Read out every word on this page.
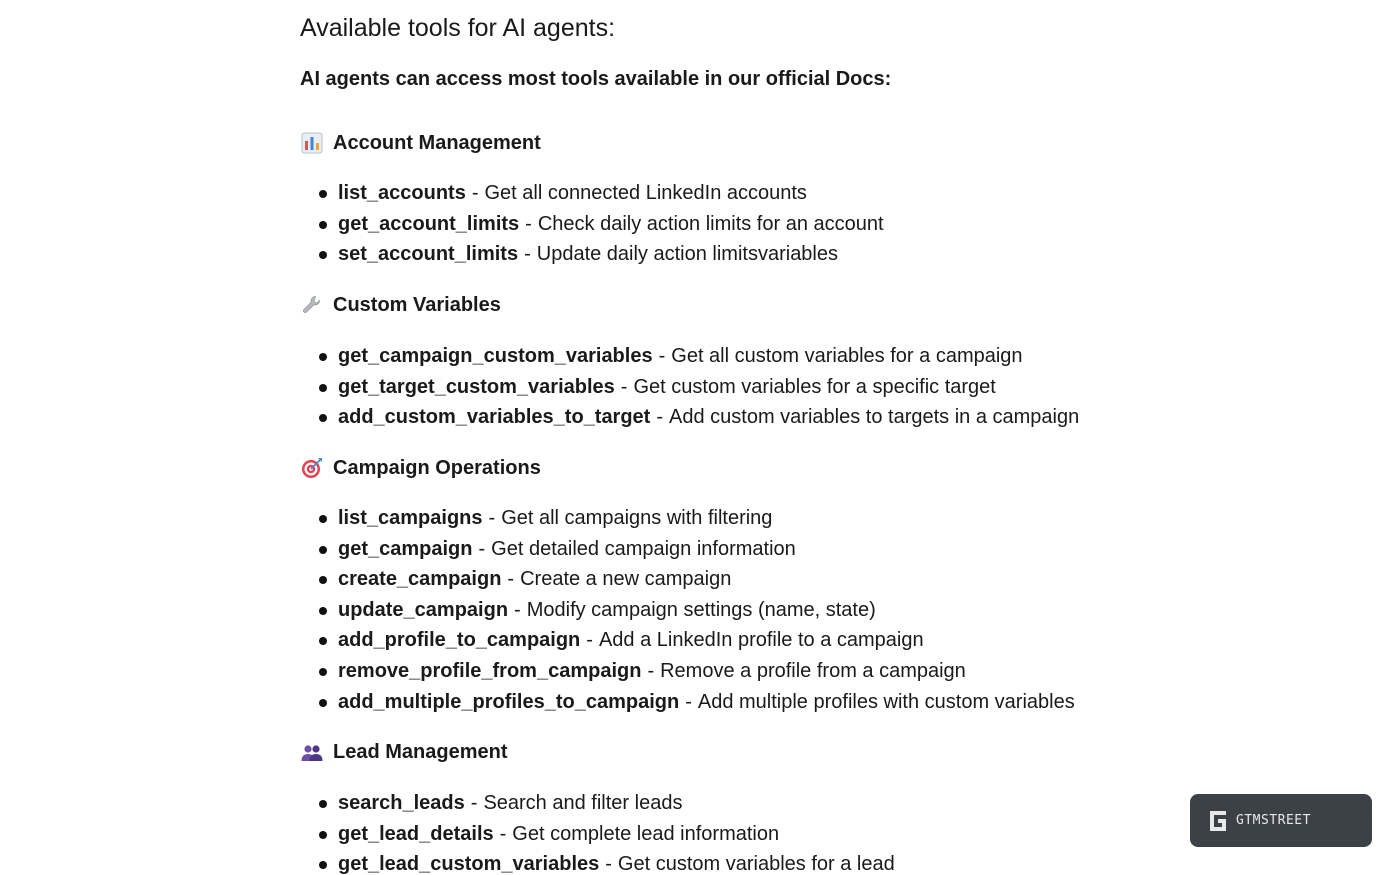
Available tools for AI agents:
AI agents can access most tools available in our official Docs:
Account Management
list_accounts - Get all connected LinkedIn accounts
get_account_limits - Check daily action limits for an account
set_account_limits - Update daily action limitsvariables
Custom Variables
get_campaign_custom_variables - Get all custom variables for a campaign
get_target_custom_variables - Get custom variables for a specific target
add_custom_variables_to_target - Add custom variables to targets in a campaign
Campaign Operations
list_campaigns - Get all campaigns with filtering
get_campaign - Get detailed campaign information
create_campaign - Create a new campaign
update_campaign - Modify campaign settings (name, state)
add_profile_to_campaign - Add a LinkedIn profile to a campaign
remove_profile_from_campaign - Remove a profile from a campaign
add_multiple_profiles_to_campaign - Add multiple profiles with custom variables
Lead Management
search_leads - Search and filter leads
get_lead_details - Get complete lead information
get_lead_custom_variables - Get custom variables for a lead
GTMSTREET
